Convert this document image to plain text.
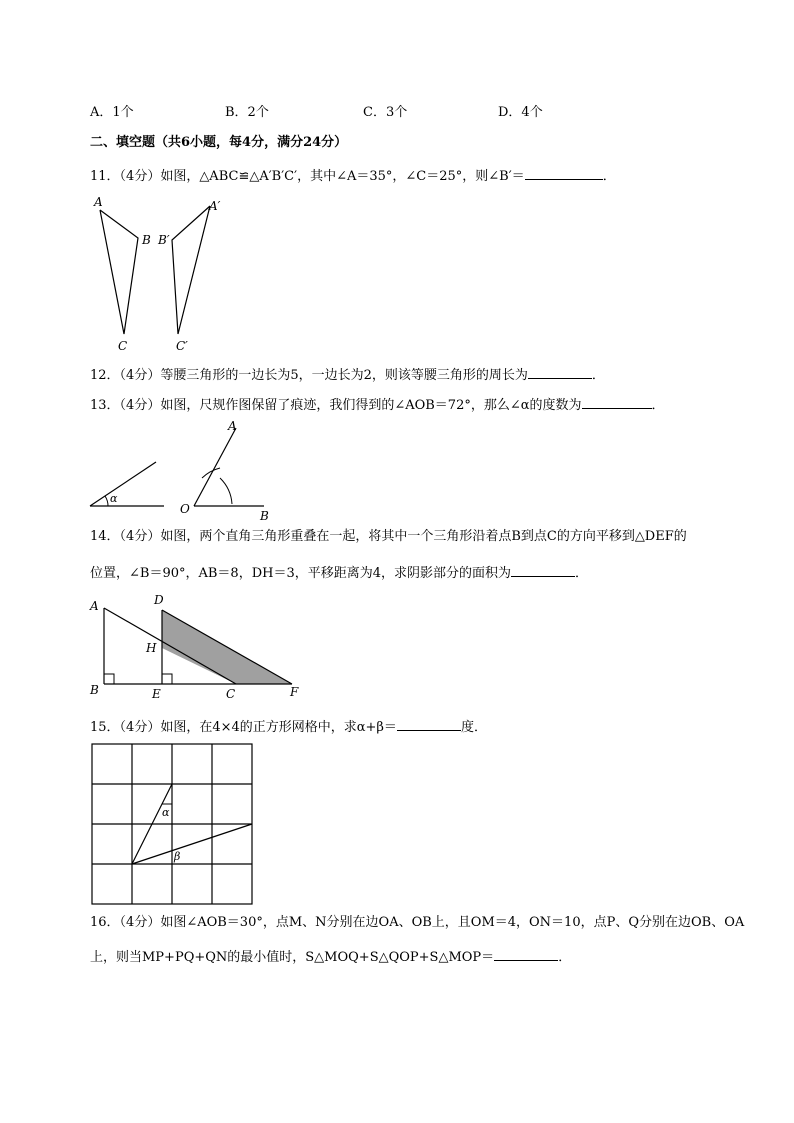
A．1个	B．2个	C．3个	D．4个
二、填空题（共6小题，每4分，满分24分）
11．（4分）如图，△ABC≌△A′B′C′，其中∠A＝35°，∠C＝25°，则∠B′＝	．
A
B
C
A′
B′
C′
12．（4分）等腰三角形的一边长为5，一边长为2，则该等腰三角形的周长为	．
13．（4分）如图，尺规作图保留了痕迹，我们得到的∠AOB＝72°，那么∠α的度数为	．
α
A
O	B
14．（4分）如图，两个直角三角形重叠在一起，将其中一个三角形沿着点B到点C的方向平移到△DEF的
位置，∠B＝90°，AB＝8，DH＝3，平移距离为4，求阴影部分的面积为	．
A	D
H
B	E	C	F
15．（4分）如图，在4×4的正方形网格中，求α+β＝	度．
α
β
16．（4分）如图∠AOB＝30°，点M、N分别在边OA、OB上，且OM＝4，ON＝10，点P、Q分别在边OB、OA
上，则当MP+PQ+QN的最小值时，S△MOQ+S△QOP+S△MOP＝	．
